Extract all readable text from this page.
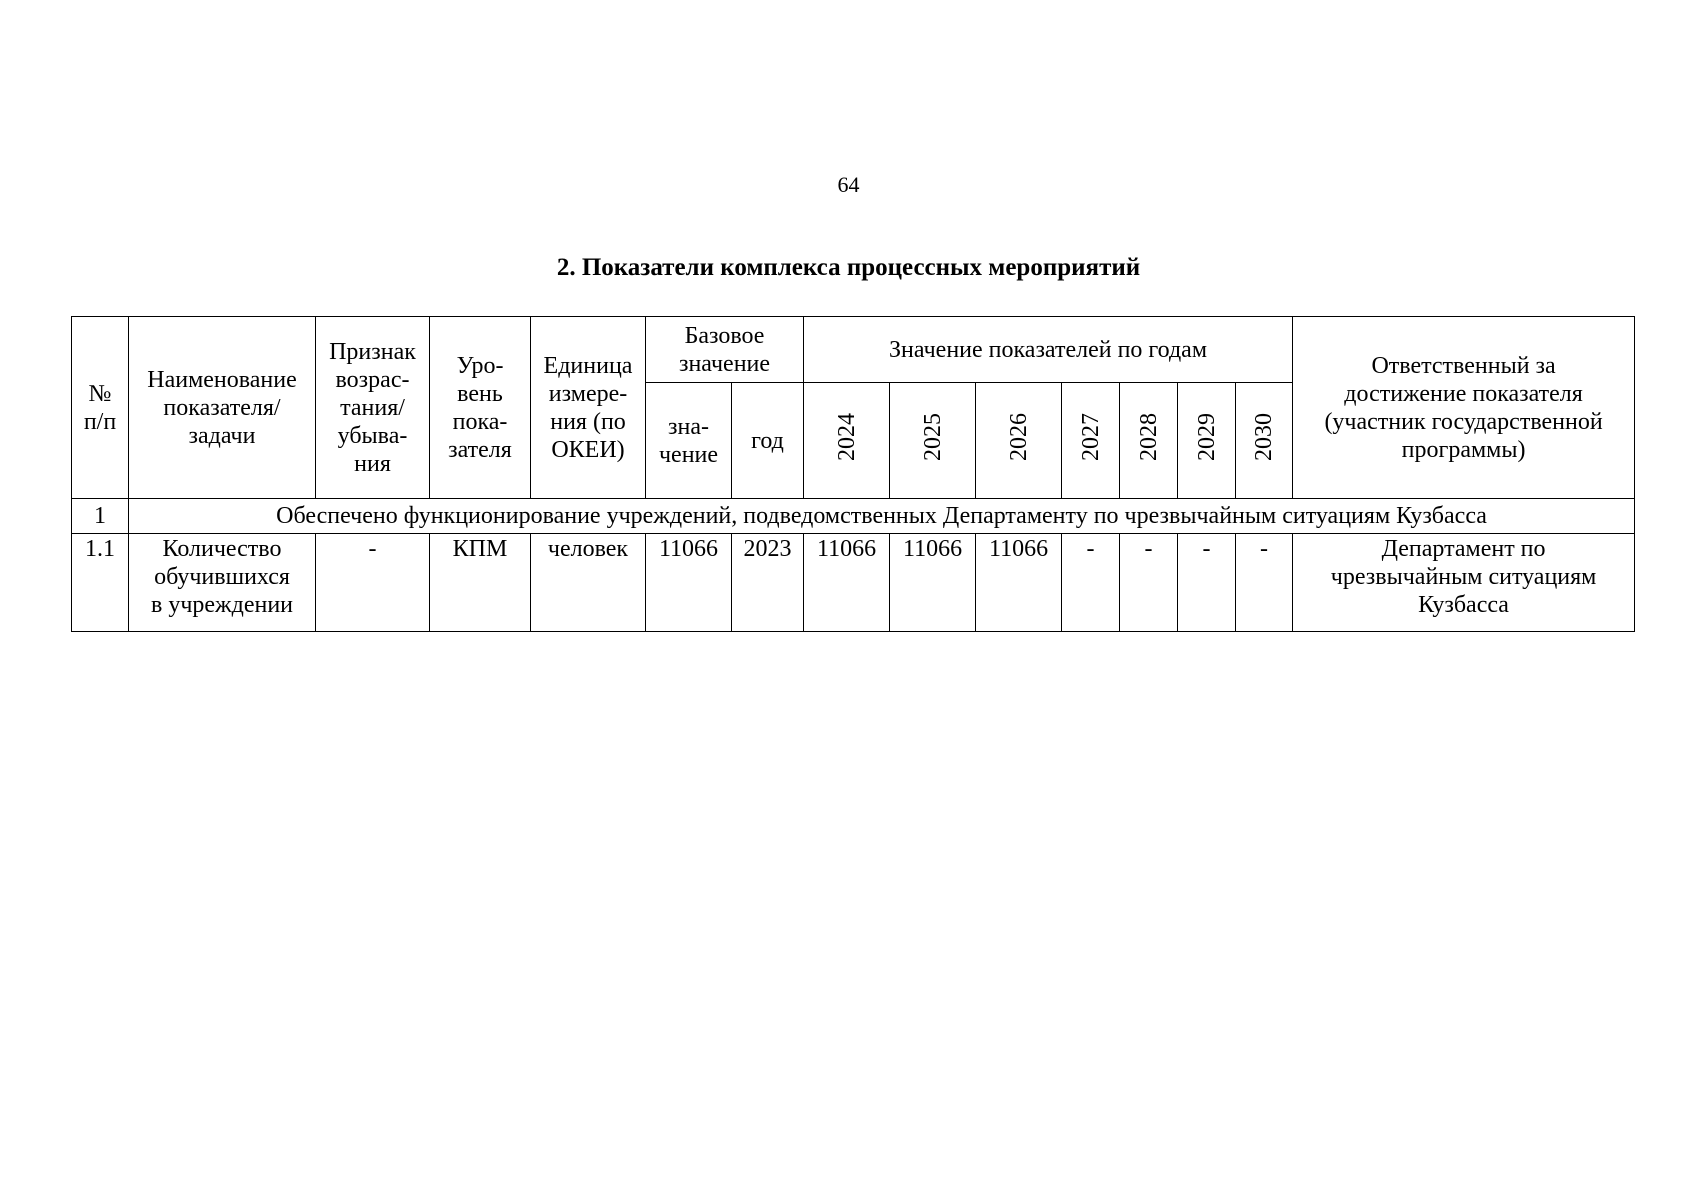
64
2. Показатели комплекса процессных мероприятий
№
п/п	Наименование
показателя/
задачи	Признак
возрас-
тания/
убыва-
ния	Уро-
вень
пока-
зателя	Единица
измере-
ния (по
ОКЕИ)	Базовое
значение		Значение показателей по годам							Ответственный за
достижение показателя
(участник государственной
программы)
					зна-
чение	год	2024	2025	2026	2027	2028	2029	2030	
1	Обеспечено функционирование учреждений, подведомственных Департаменту по чрезвычайным ситуациям Кузбасса													
1.1	Количество
обучившихся
в учреждении	-	КПМ	человек	11066	2023	11066	11066	11066	-	-	-	-	Департамент по
чрезвычайным ситуациям
Кузбасса
